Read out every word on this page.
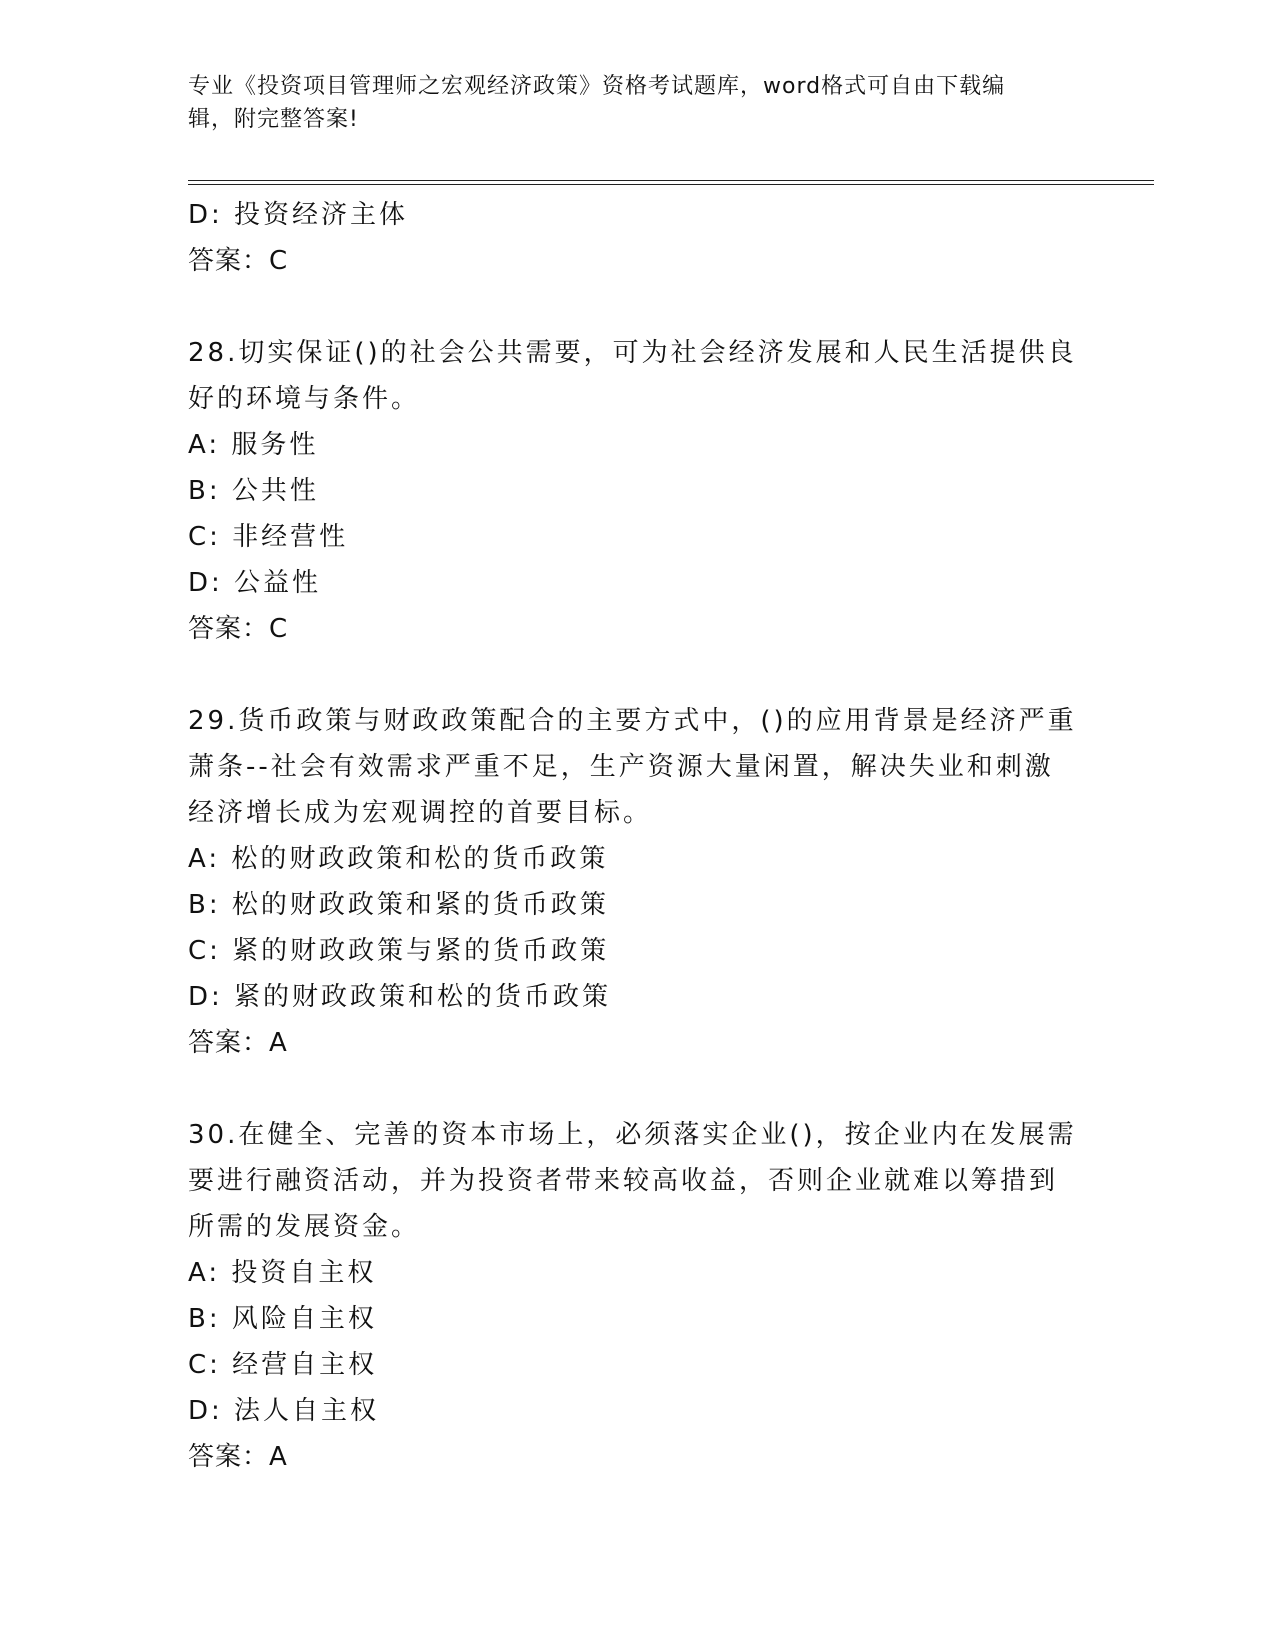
专业《投资项目管理师之宏观经济政策》资格考试题库，word格式可自由下载编
辑，附完整答案!
D: 投资经济主体
答案：C
28.切实保证()的社会公共需要，可为社会经济发展和人民生活提供良好的环境与条件。
A: 服务性
B: 公共性
C: 非经营性
D: 公益性
答案：C
29.货币政策与财政政策配合的主要方式中，()的应用背景是经济严重萧条--社会有效需求严重不足，生产资源大量闲置，解决失业和刺激经济增长成为宏观调控的首要目标。
A: 松的财政政策和松的货币政策
B: 松的财政政策和紧的货币政策
C: 紧的财政政策与紧的货币政策
D: 紧的财政政策和松的货币政策
答案：A
30.在健全、完善的资本市场上，必须落实企业()，按企业内在发展需要进行融资活动，并为投资者带来较高收益，否则企业就难以筹措到所需的发展资金。
A: 投资自主权
B: 风险自主权
C: 经营自主权
D: 法人自主权
答案：A
